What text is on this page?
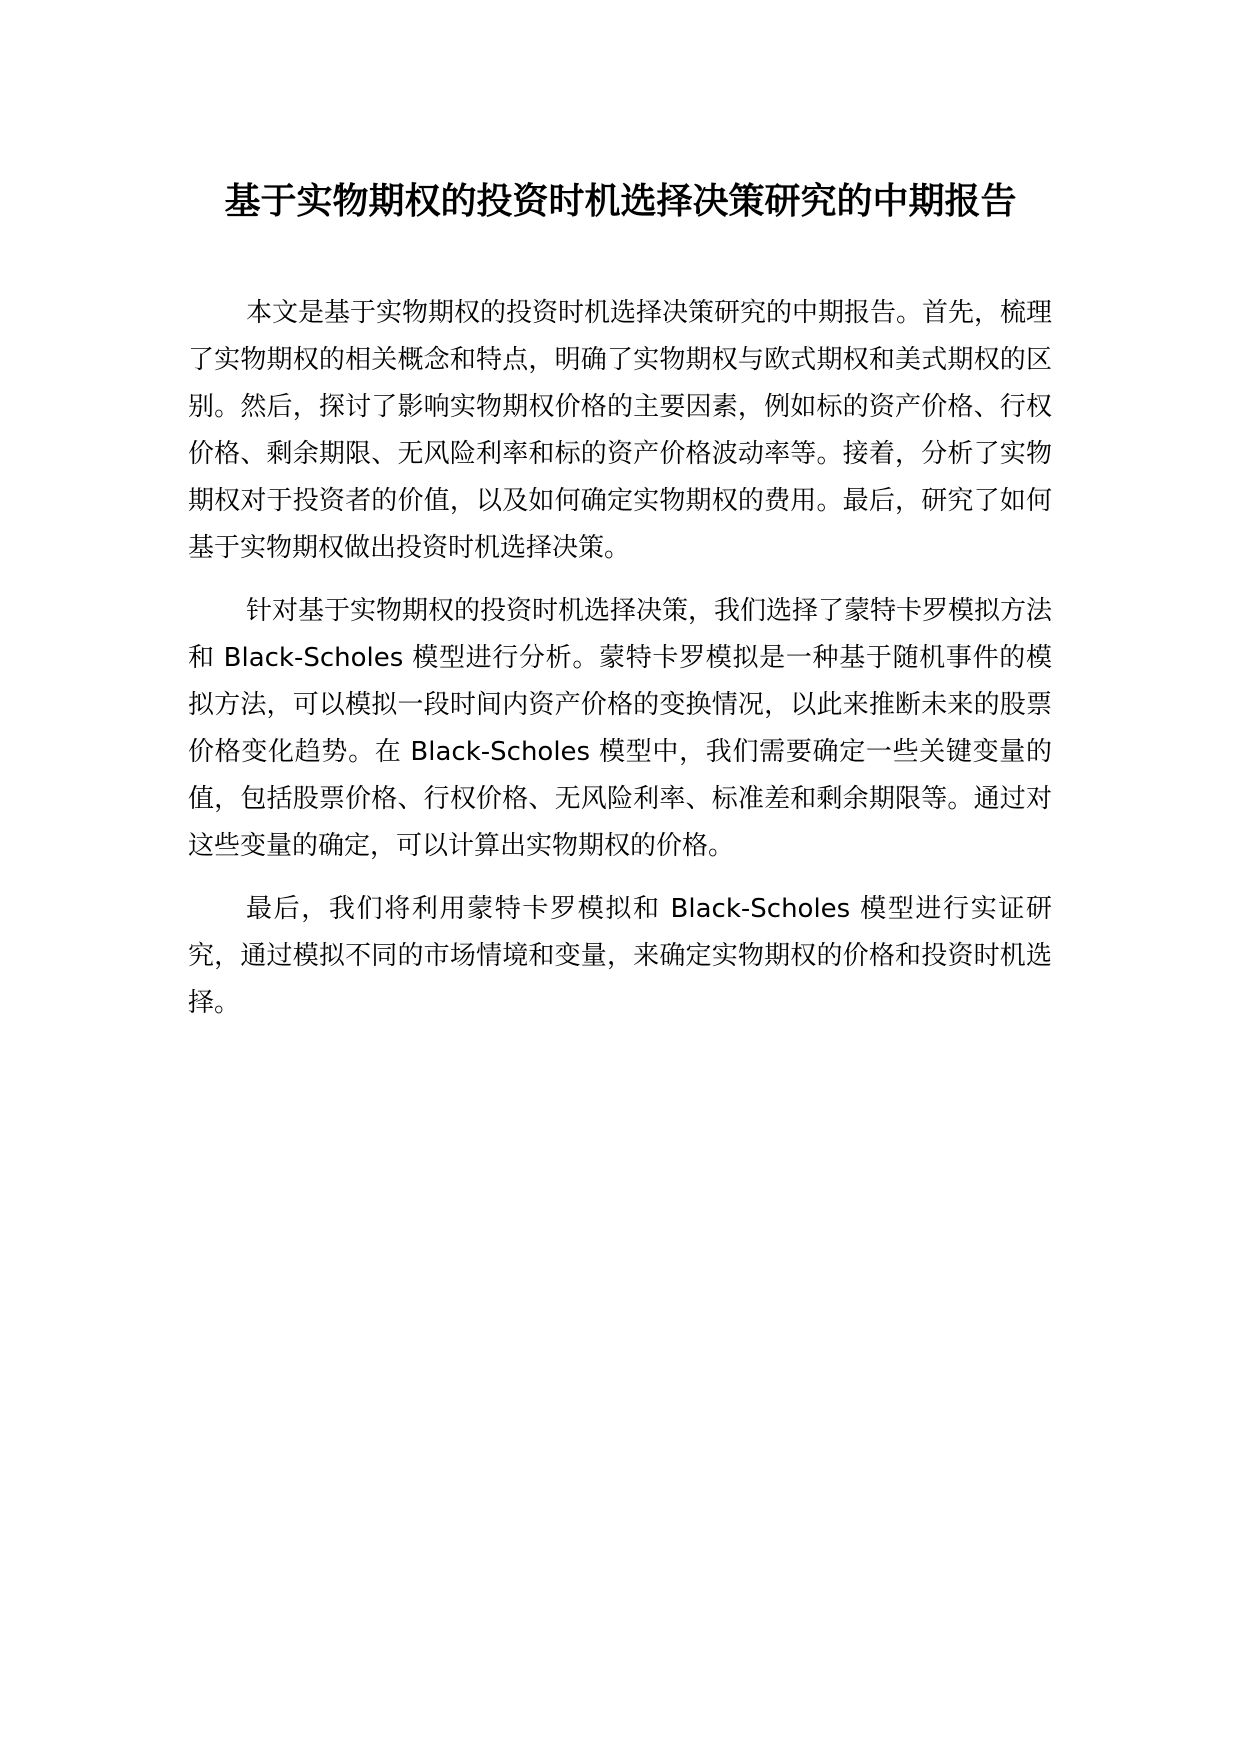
基于实物期权的投资时机选择决策研究的中期报告

本文是基于实物期权的投资时机选择决策研究的中期报告。首先，梳理了实物期权的相关概念和特点，明确了实物期权与欧式期权和美式期权的区别。然后，探讨了影响实物期权价格的主要因素，例如标的资产价格、行权价格、剩余期限、无风险利率和标的资产价格波动率等。接着，分析了实物期权对于投资者的价值，以及如何确定实物期权的费用。最后，研究了如何基于实物期权做出投资时机选择决策。

针对基于实物期权的投资时机选择决策，我们选择了蒙特卡罗模拟方法和 Black-Scholes 模型进行分析。蒙特卡罗模拟是一种基于随机事件的模拟方法，可以模拟一段时间内资产价格的变换情况，以此来推断未来的股票价格变化趋势。在 Black-Scholes 模型中，我们需要确定一些关键变量的值，包括股票价格、行权价格、无风险利率、标准差和剩余期限等。通过对这些变量的确定，可以计算出实物期权的价格。

最后，我们将利用蒙特卡罗模拟和 Black-Scholes 模型进行实证研究，通过模拟不同的市场情境和变量，来确定实物期权的价格和投资时机选择。
